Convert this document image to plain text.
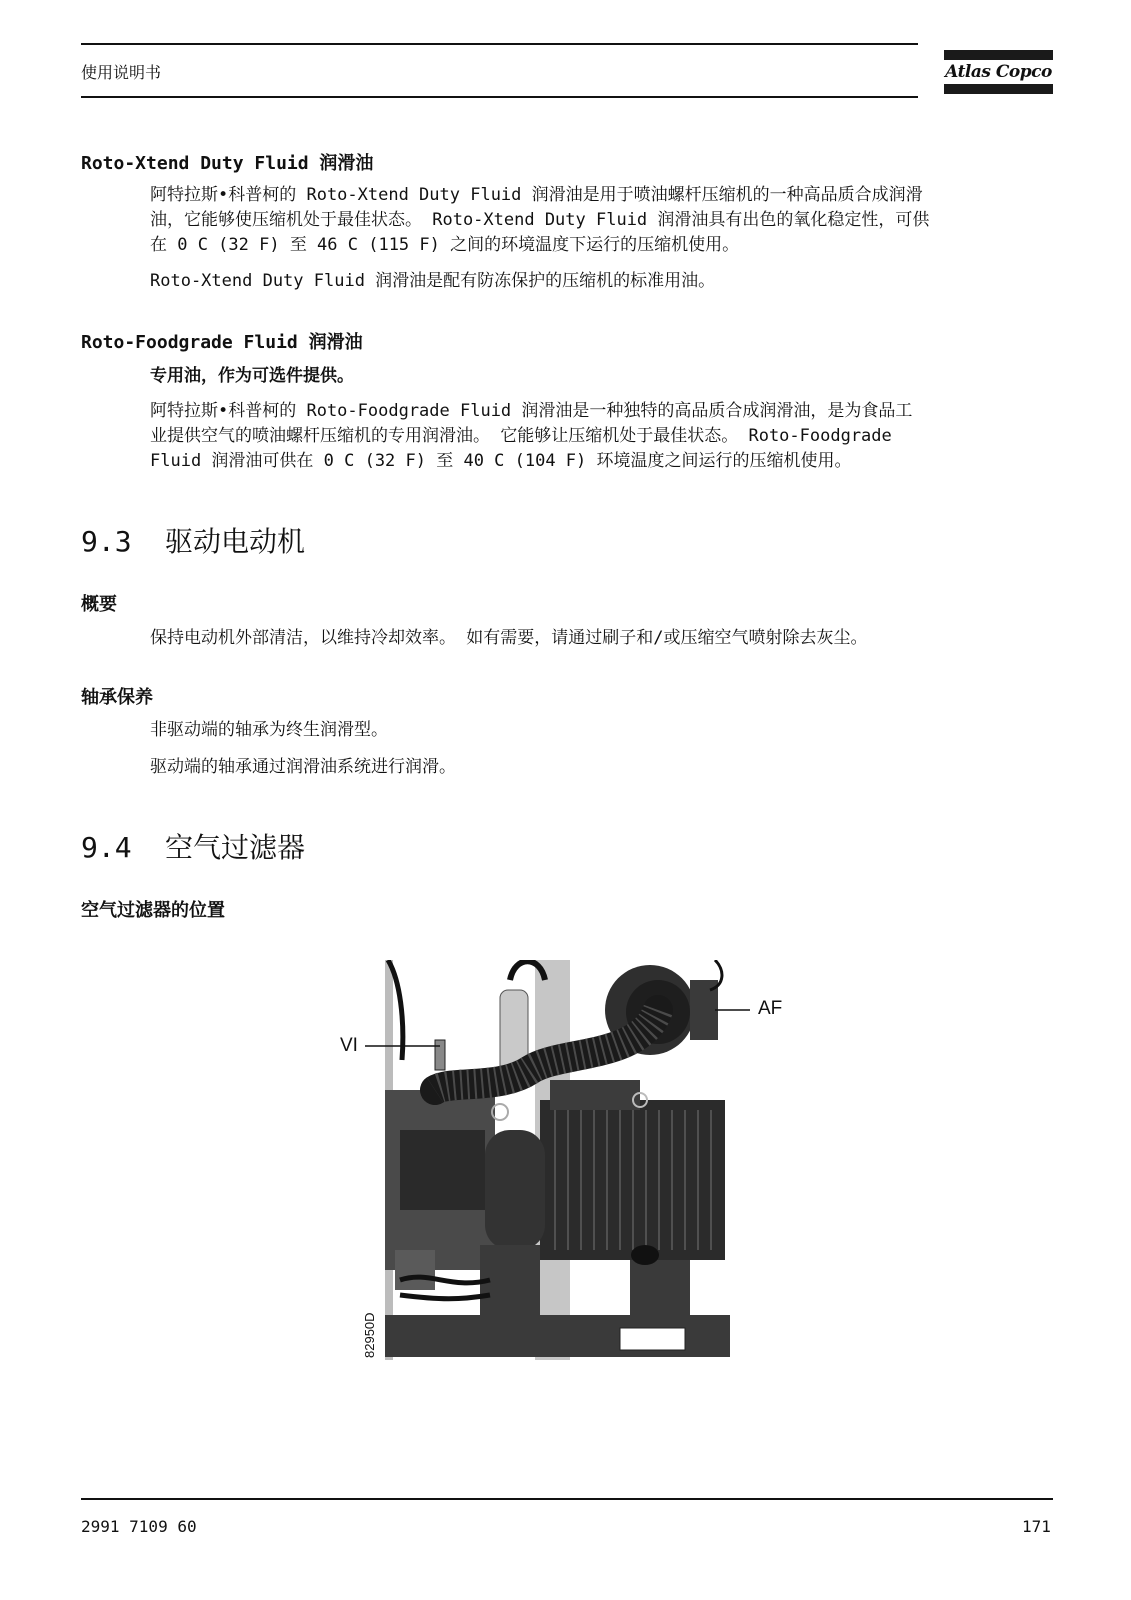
使用说明书	Atlas Copco
Roto-Xtend Duty Fluid 润滑油
阿特拉斯•科普柯的 Roto-Xtend Duty Fluid 润滑油是用于喷油螺杆压缩机的一种高品质合成润滑
油，它能够使压缩机处于最佳状态。 Roto-Xtend Duty Fluid 润滑油具有出色的氧化稳定性，可供
在 0 C (32 F) 至 46 C (115 F) 之间的环境温度下运行的压缩机使用。
Roto-Xtend Duty Fluid 润滑油是配有防冻保护的压缩机的标准用油。
Roto-Foodgrade Fluid 润滑油
专用油，作为可选件提供。
阿特拉斯•科普柯的 Roto-Foodgrade Fluid 润滑油是一种独特的高品质合成润滑油，是为食品工
业提供空气的喷油螺杆压缩机的专用润滑油。 它能够让压缩机处于最佳状态。 Roto-Foodgrade
Fluid 润滑油可供在 0 C (32 F) 至 40 C (104 F) 环境温度之间运行的压缩机使用。
9.3 驱动电动机
概要
保持电动机外部清洁，以维持冷却效率。 如有需要，请通过刷子和/或压缩空气喷射除去灰尘。
轴承保养
非驱动端的轴承为终生润滑型。
驱动端的轴承通过润滑油系统进行润滑。
9.4 空气过滤器
空气过滤器的位置
AF
VI
82950D
2991 7109 60	171
